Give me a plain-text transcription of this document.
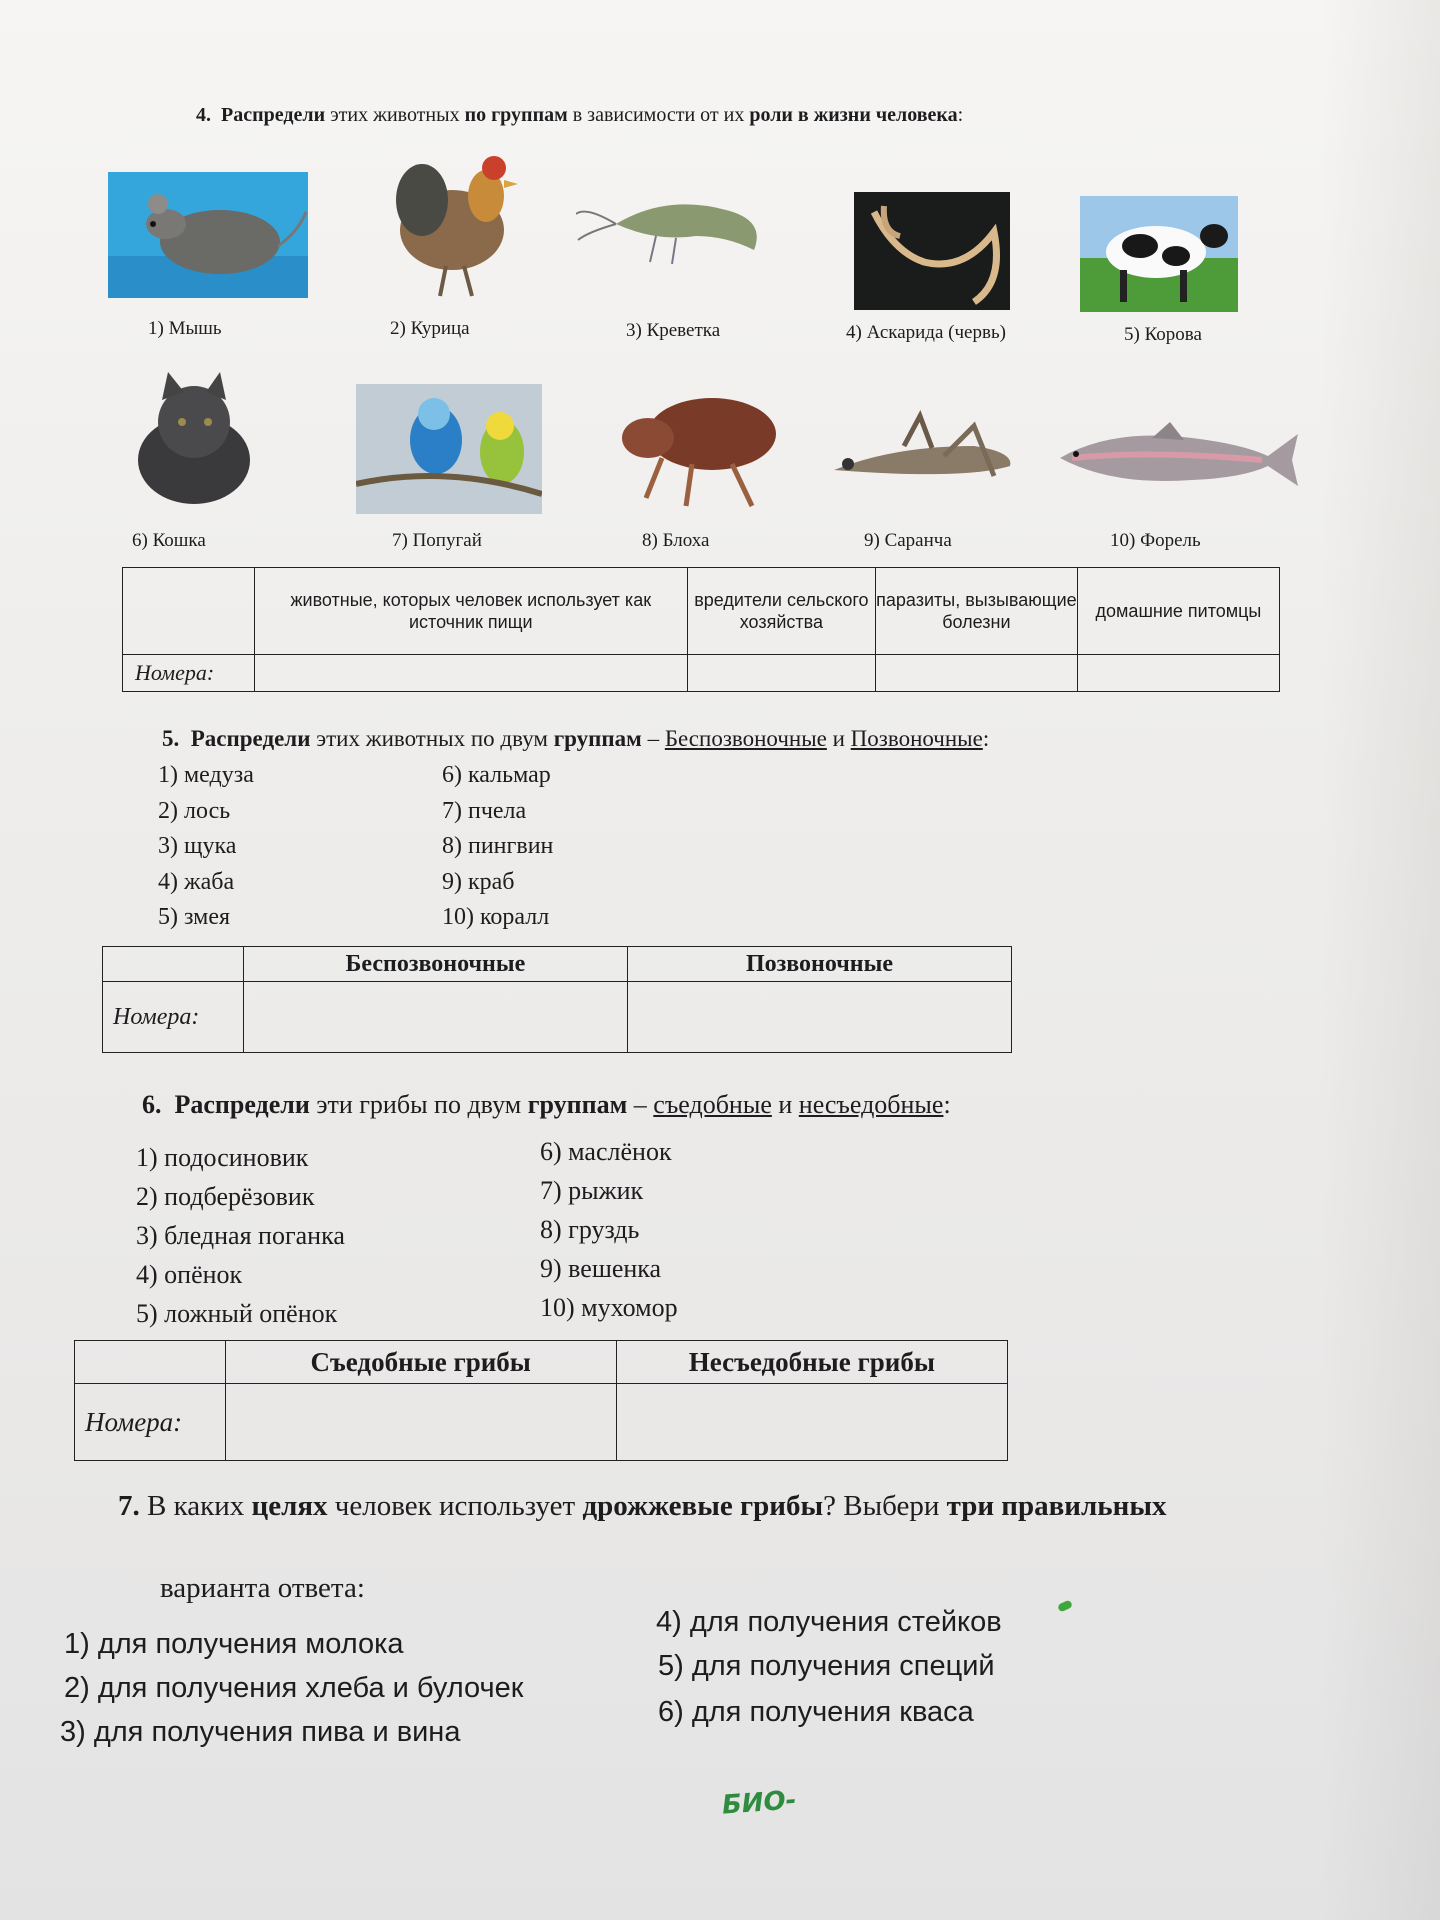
4. Распредели этих животных по группам в зависимости от их роли в жизни человека:
1) Мышь	2) Курица	3) Креветка	4) Аскарида (червь)	5) Корова
6) Кошка	7) Попугай	8) Блоха	9) Саранча	10) Форель
	животные, которых человек использует как источник пищи	вредители сельского хозяйства	паразиты, вызывающие болезни	домашние питомцы
Номера:				
5. Распредели этих животных по двум группам – Беспозвоночные и Позвоночные:
1) медуза
2) лось
3) щука
4) жаба
5) змея
6) кальмар
7) пчела
8) пингвин
9) краб
10) коралл
	Беспозвоночные	Позвоночные
Номера:		
6. Распредели эти грибы по двум группам – съедобные и несъедобные:
1) подосиновик
2) подберёзовик
3) бледная поганка
4) опёнок
5) ложный опёнок
6) маслёнок
7) рыжик
8) груздь
9) вешенка
10) мухомор
	Съедобные грибы	Несъедобные грибы
Номера:		
7. В каких целях человек использует дрожжевые грибы? Выбери три правильных
варианта ответа:
1) для получения молока
2) для получения хлеба и булочек
3) для получения пива и вина
4) для получения стейков
5) для получения специй
6) для получения кваса
БИО-
